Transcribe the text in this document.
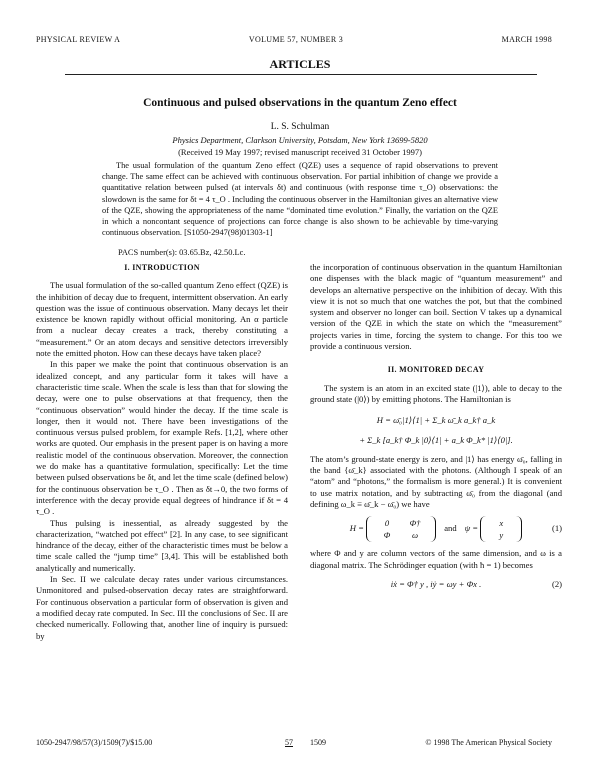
PHYSICAL REVIEW A	VOLUME 57, NUMBER 3	MARCH 1998
ARTICLES
Continuous and pulsed observations in the quantum Zeno effect
L. S. Schulman
Physics Department, Clarkson University, Potsdam, New York 13699-5820
(Received 19 May 1997; revised manuscript received 31 October 1997)

The usual formulation of the quantum Zeno effect (QZE) uses a sequence of rapid observations to prevent change. The same effect can be achieved with continuous observation. For partial inhibition of change we provide a quantitative relation between pulsed (at intervals δt) and continuous (with response time τ_O) observations: the slowdown is the same for δt = 4 τ_O . Including the continuous observer in the Hamiltonian gives an alternative view of the QZE, showing the appropriateness of the name “dominated time evolution.” Finally, the variation on the QZE in which a noncontant sequence of projections can force change is also shown to be achievable by time-varying continuous observation. [S1050-2947(98)01303-1]

PACS number(s): 03.65.Bz, 42.50.Lc.
I. INTRODUCTION

The usual formulation of the so-called quantum Zeno effect (QZE) is the inhibition of decay due to frequent, intermittent observation. An early question was the issue of continuous observation. Many decays let their existence be known rapidly without official monitoring. An α particle from a nuclear decay creates a track, thereby constituting a “measurement.” Or an atom decays and sensitive detectors irreversibly note the emitted photon. How can these decays have taken place?

In this paper we make the point that continuous observation is an idealized concept, and any particular form it takes will have a characteristic time scale. When the scale is less than that for slowing the decay, were one to pulse observations at that frequency, then the “continuous observation” would hinder the decay. If the time scale is longer, then it would not. There have been investigations of the continuous versus pulsed problem, for example Refs. [1,2], where other works are quoted. Our emphasis in the present paper is on having a more realistic model of the continuous observation. Moreover, the connection we do make has a quantitative formulation, specifically: Let the time between pulsed observations be δt, and let the time scale (defined below) for the continuous observation be τ_O . Then as δt→0, the two forms of interference with the decay provide equal degrees of hindrance if δt = 4 τ_O .

Thus pulsing is inessential, as already suggested by the characterization, “watched pot effect” [2]. In any case, to see significant hindrance of the decay, either of the characteristic times must be below a time scale called the “jump time” [3,4]. This will be established both analytically and numerically.

In Sec. II we calculate decay rates under various circumstances. Unmonitored and pulsed-observation decay rates are straightforward. For continuous observation a particular form of observation is given and a modified decay rate computed. In Sec. III the conclusions of Sec. II are checked numerically. Following that, another line of inquiry is pursued: by

the incorporation of continuous observation in the quantum Hamiltonian one dispenses with the black magic of “quantum measurement” and develops an alternative perspective on the inhibition of decay. With this view it is not so much that one watches the pot, but that the combined system and observer no longer can boil. Section V takes up a dynamical version of the QZE in which the state on which the “measurement” projects varies in time, forcing the system to change. For this too we provide a continuous version.

II. MONITORED DECAY

The system is an atom in an excited state (|1⟩), able to decay to the ground state (|0⟩) by emitting photons. The Hamiltonian is

H = ω̄₀|1⟩⟨1| + Σ_k ω̄_k a_k† a_k
+ Σ_k [a_k† Φ_k |0⟩⟨1| + a_k Φ_k* |1⟩⟨0|].

The atom’s ground-state energy is zero, and |1⟩ has energy ω̄₀, falling in the band {ω̄_k} associated with the photons. (Although I speak of an “atom” and “photons,” the formalism is more general.) It is convenient to use matrix notation, and by subtracting ω̄₀ from the diagonal (and defining ω_k ≡ ω̄_k − ω̄₀) we have

H = 0 Φ†
Φ	ω and ψ = x
y
(1)

where Φ and y are column vectors of the same dimension, and ω is a diagonal matrix. The Schrödinger equation (with ħ = 1) becomes

iẋ = Φ† y , iẏ = ωy + Φx .	(2)
1050-2947/98/57(3)/1509(7)/$15.00	57 1509	© 1998 The American Physical Society
